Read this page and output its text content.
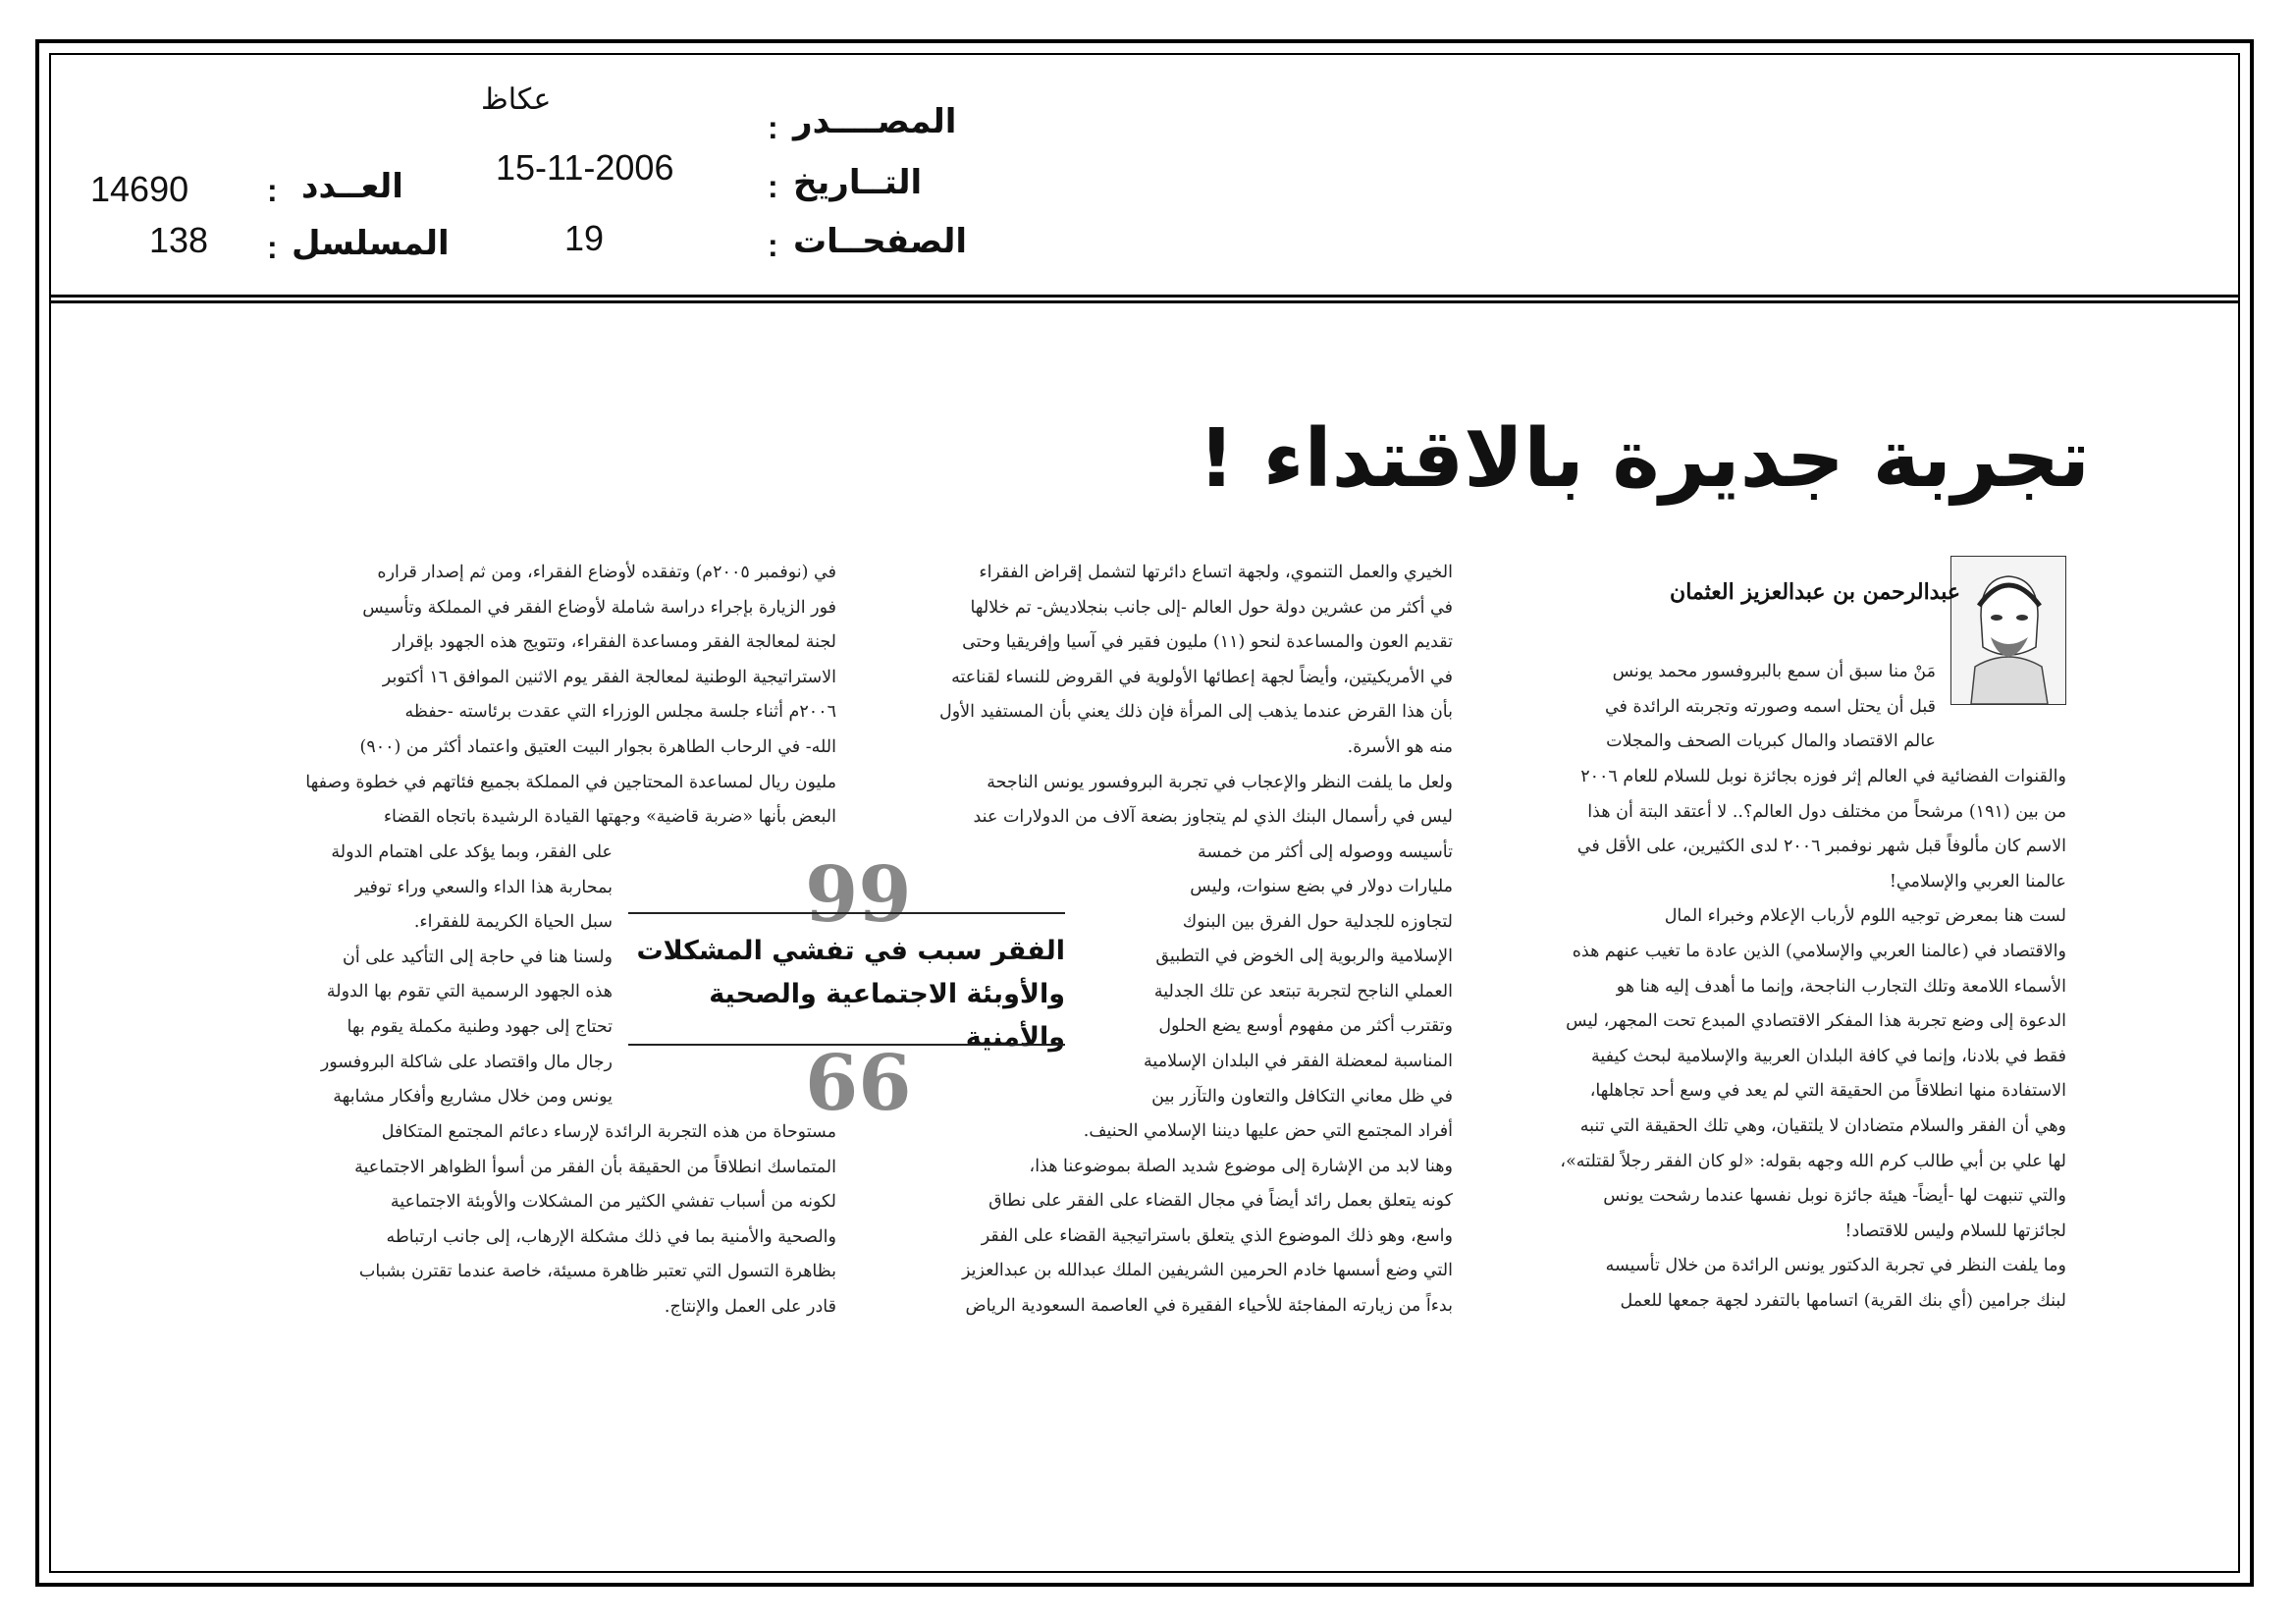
المصــــدر
:
عكاظ
التــاريخ
:
15-11-2006
الصفحــات
:
19
العــدد
:
14690
المسلسل
:
138
تجربة جديرة بالاقتداء !
عبدالرحمن بن عبدالعزيز العثمان

مَنْ منا سبق أن سمع بالبروفسور محمد يونس

قبل أن يحتل اسمه وصورته وتجربته الرائدة في

عالم الاقتصاد والمال كبريات الصحف والمجلات

والقنوات الفضائية في العالم إثر فوزه بجائزة نوبل للسلام للعام ٢٠٠٦

من بين (١٩١) مرشحاً من مختلف دول العالم؟.. لا أعتقد البتة أن هذا

الاسم كان مألوفاً قبل شهر نوفمبر ٢٠٠٦ لدى الكثيرين، على الأقل في

عالمنا العربي والإسلامي!

لست هنا بمعرض توجيه اللوم لأرباب الإعلام وخبراء المال

والاقتصاد في (عالمنا العربي والإسلامي) الذين عادة ما تغيب عنهم هذه

الأسماء اللامعة وتلك التجارب الناجحة، وإنما ما أهدف إليه هنا هو

الدعوة إلى وضع تجربة هذا المفكر الاقتصادي المبدع تحت المجهر، ليس

فقط في بلادنا، وإنما في كافة البلدان العربية والإسلامية لبحث كيفية

الاستفادة منها انطلاقاً من الحقيقة التي لم يعد في وسع أحد تجاهلها،

وهي أن الفقر والسلام متضادان لا يلتقيان، وهي تلك الحقيقة التي تنبه

لها علي بن أبي طالب كرم الله وجهه بقوله: «لو كان الفقر رجلاً لقتلته»،

والتي تنبهت لها -أيضاً- هيئة جائزة نوبل نفسها عندما رشحت يونس

لجائزتها للسلام وليس للاقتصاد!

وما يلفت النظر في تجربة الدكتور يونس الرائدة من خلال تأسيسه

لبنك جرامين (أي بنك القرية) اتسامها بالتفرد لجهة جمعها للعمل

الخيري والعمل التنموي، ولجهة اتساع دائرتها لتشمل إقراض الفقراء

في أكثر من عشرين دولة حول العالم -إلى جانب بنجلاديش- تم خلالها

تقديم العون والمساعدة لنحو (١١) مليون فقير في آسيا وإفريقيا وحتى

في الأمريكيتين، وأيضاً لجهة إعطائها الأولوية في القروض للنساء لقناعته

بأن هذا القرض عندما يذهب إلى المرأة فإن ذلك يعني بأن المستفيد الأول

منه هو الأسرة.

ولعل ما يلفت النظر والإعجاب في تجربة البروفسور يونس الناجحة

ليس في رأسمال البنك الذي لم يتجاوز بضعة آلاف من الدولارات عند

تأسيسه ووصوله إلى أكثر من خمسة

مليارات دولار في بضع سنوات، وليس

لتجاوزه للجدلية حول الفرق بين البنوك

الإسلامية والربوية إلى الخوض في التطبيق

العملي الناجح لتجربة تبتعد عن تلك الجدلية

وتقترب أكثر من مفهوم أوسع يضع الحلول

المناسبة لمعضلة الفقر في البلدان الإسلامية

في ظل معاني التكافل والتعاون والتآزر بين

أفراد المجتمع التي حض عليها ديننا الإسلامي الحنيف.

وهنا لابد من الإشارة إلى موضوع شديد الصلة بموضوعنا هذا،

كونه يتعلق بعمل رائد أيضاً في مجال القضاء على الفقر على نطاق

واسع، وهو ذلك الموضوع الذي يتعلق باستراتيجية القضاء على الفقر

التي وضع أسسها خادم الحرمين الشريفين الملك عبدالله بن عبدالعزيز

بدءاً من زيارته المفاجئة للأحياء الفقيرة في العاصمة السعودية الرياض

99
الفقر سبب في تفشي المشكلات
والأوبئة الاجتماعية والصحية والأمنية
66

في (نوفمبر ٢٠٠٥م) وتفقده لأوضاع الفقراء، ومن ثم إصدار قراره

فور الزيارة بإجراء دراسة شاملة لأوضاع الفقر في المملكة وتأسيس

لجنة لمعالجة الفقر ومساعدة الفقراء، وتتويج هذه الجهود بإقرار

الاستراتيجية الوطنية لمعالجة الفقر يوم الاثنين الموافق ١٦ أكتوبر

٢٠٠٦م أثناء جلسة مجلس الوزراء التي عقدت برئاسته -حفظه

الله- في الرحاب الطاهرة بجوار البيت العتيق واعتماد أكثر من (٩٠٠)

مليون ريال لمساعدة المحتاجين في المملكة بجميع فئاتهم في خطوة وصفها

البعض بأنها «ضربة قاضية» وجهتها القيادة الرشيدة باتجاه القضاء

على الفقر، وبما يؤكد على اهتمام الدولة

بمحاربة هذا الداء والسعي وراء توفير

سبل الحياة الكريمة للفقراء.

ولسنا هنا في حاجة إلى التأكيد على أن

هذه الجهود الرسمية التي تقوم بها الدولة

تحتاج إلى جهود وطنية مكملة يقوم بها

رجال مال واقتصاد على شاكلة البروفسور

يونس ومن خلال مشاريع وأفكار مشابهة

مستوحاة من هذه التجربة الرائدة لإرساء دعائم المجتمع المتكافل

المتماسك انطلاقاً من الحقيقة بأن الفقر من أسوأ الظواهر الاجتماعية

لكونه من أسباب تفشي الكثير من المشكلات والأوبئة الاجتماعية

والصحية والأمنية بما في ذلك مشكلة الإرهاب، إلى جانب ارتباطه

بظاهرة التسول التي تعتبر ظاهرة مسيئة، خاصة عندما تقترن بشباب

قادر على العمل والإنتاج.
